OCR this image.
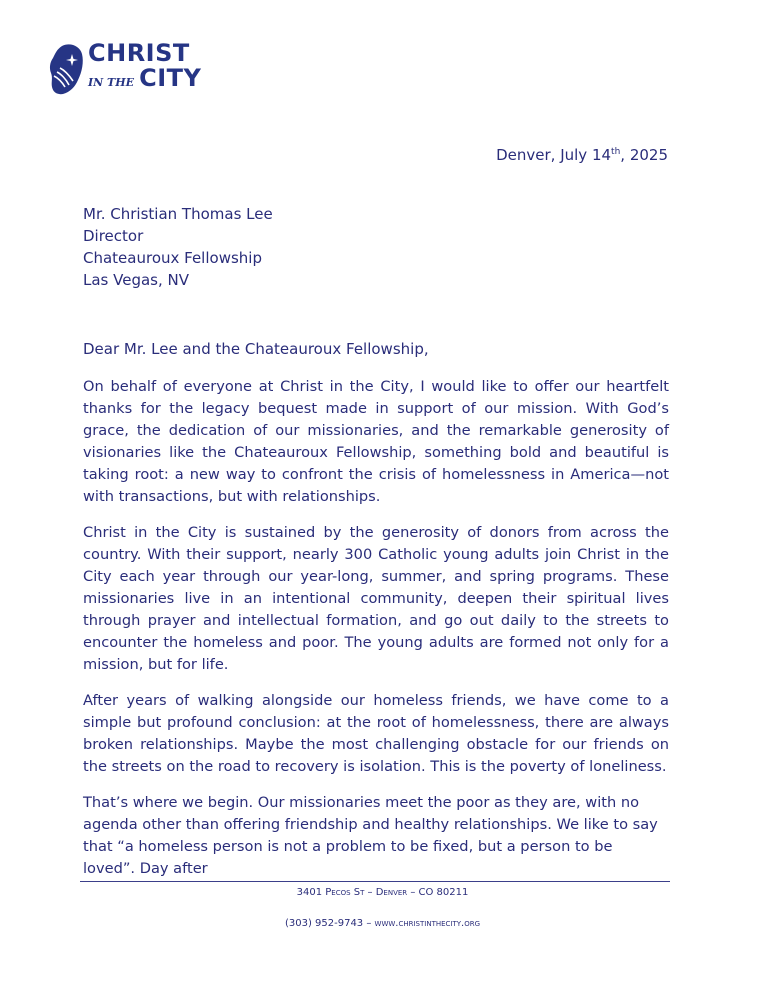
CHRIST
IN THE CITY
Denver, July 14th, 2025
Mr. Christian Thomas Lee
Director
Chateauroux Fellowship
Las Vegas, NV
Dear Mr. Lee and the Chateauroux Fellowship,

On behalf of everyone at Christ in the City, I would like to offer our heartfelt thanks for the legacy bequest made in support of our mission. With God’s grace, the dedication of our missionaries, and the remarkable generosity of visionaries like the Chateauroux Fellowship, something bold and beautiful is taking root: a new way to confront the crisis of homelessness in America—not with transactions, but with relationships.

Christ in the City is sustained by the generosity of donors from across the country. With their support, nearly 300 Catholic young adults join Christ in the City each year through our year-long, summer, and spring programs. These missionaries live in an intentional community, deepen their spiritual lives through prayer and intellectual formation, and go out daily to the streets to encounter the homeless and poor. The young adults are formed not only for a mission, but for life.

After years of walking alongside our homeless friends, we have come to a simple but profound conclusion: at the root of homelessness, there are always broken relationships. Maybe the most challenging obstacle for our friends on the streets on the road to recovery is isolation. This is the poverty of loneliness.

That’s where we begin. Our missionaries meet the poor as they are, with no agenda other than offering friendship and healthy relationships. We like to say that “a homeless person is not a problem to be fixed, but a person to be loved”. Day after

3401 Pecos St – Denver – CO 80211
(303) 952-9743 – www.christinthecity.org
